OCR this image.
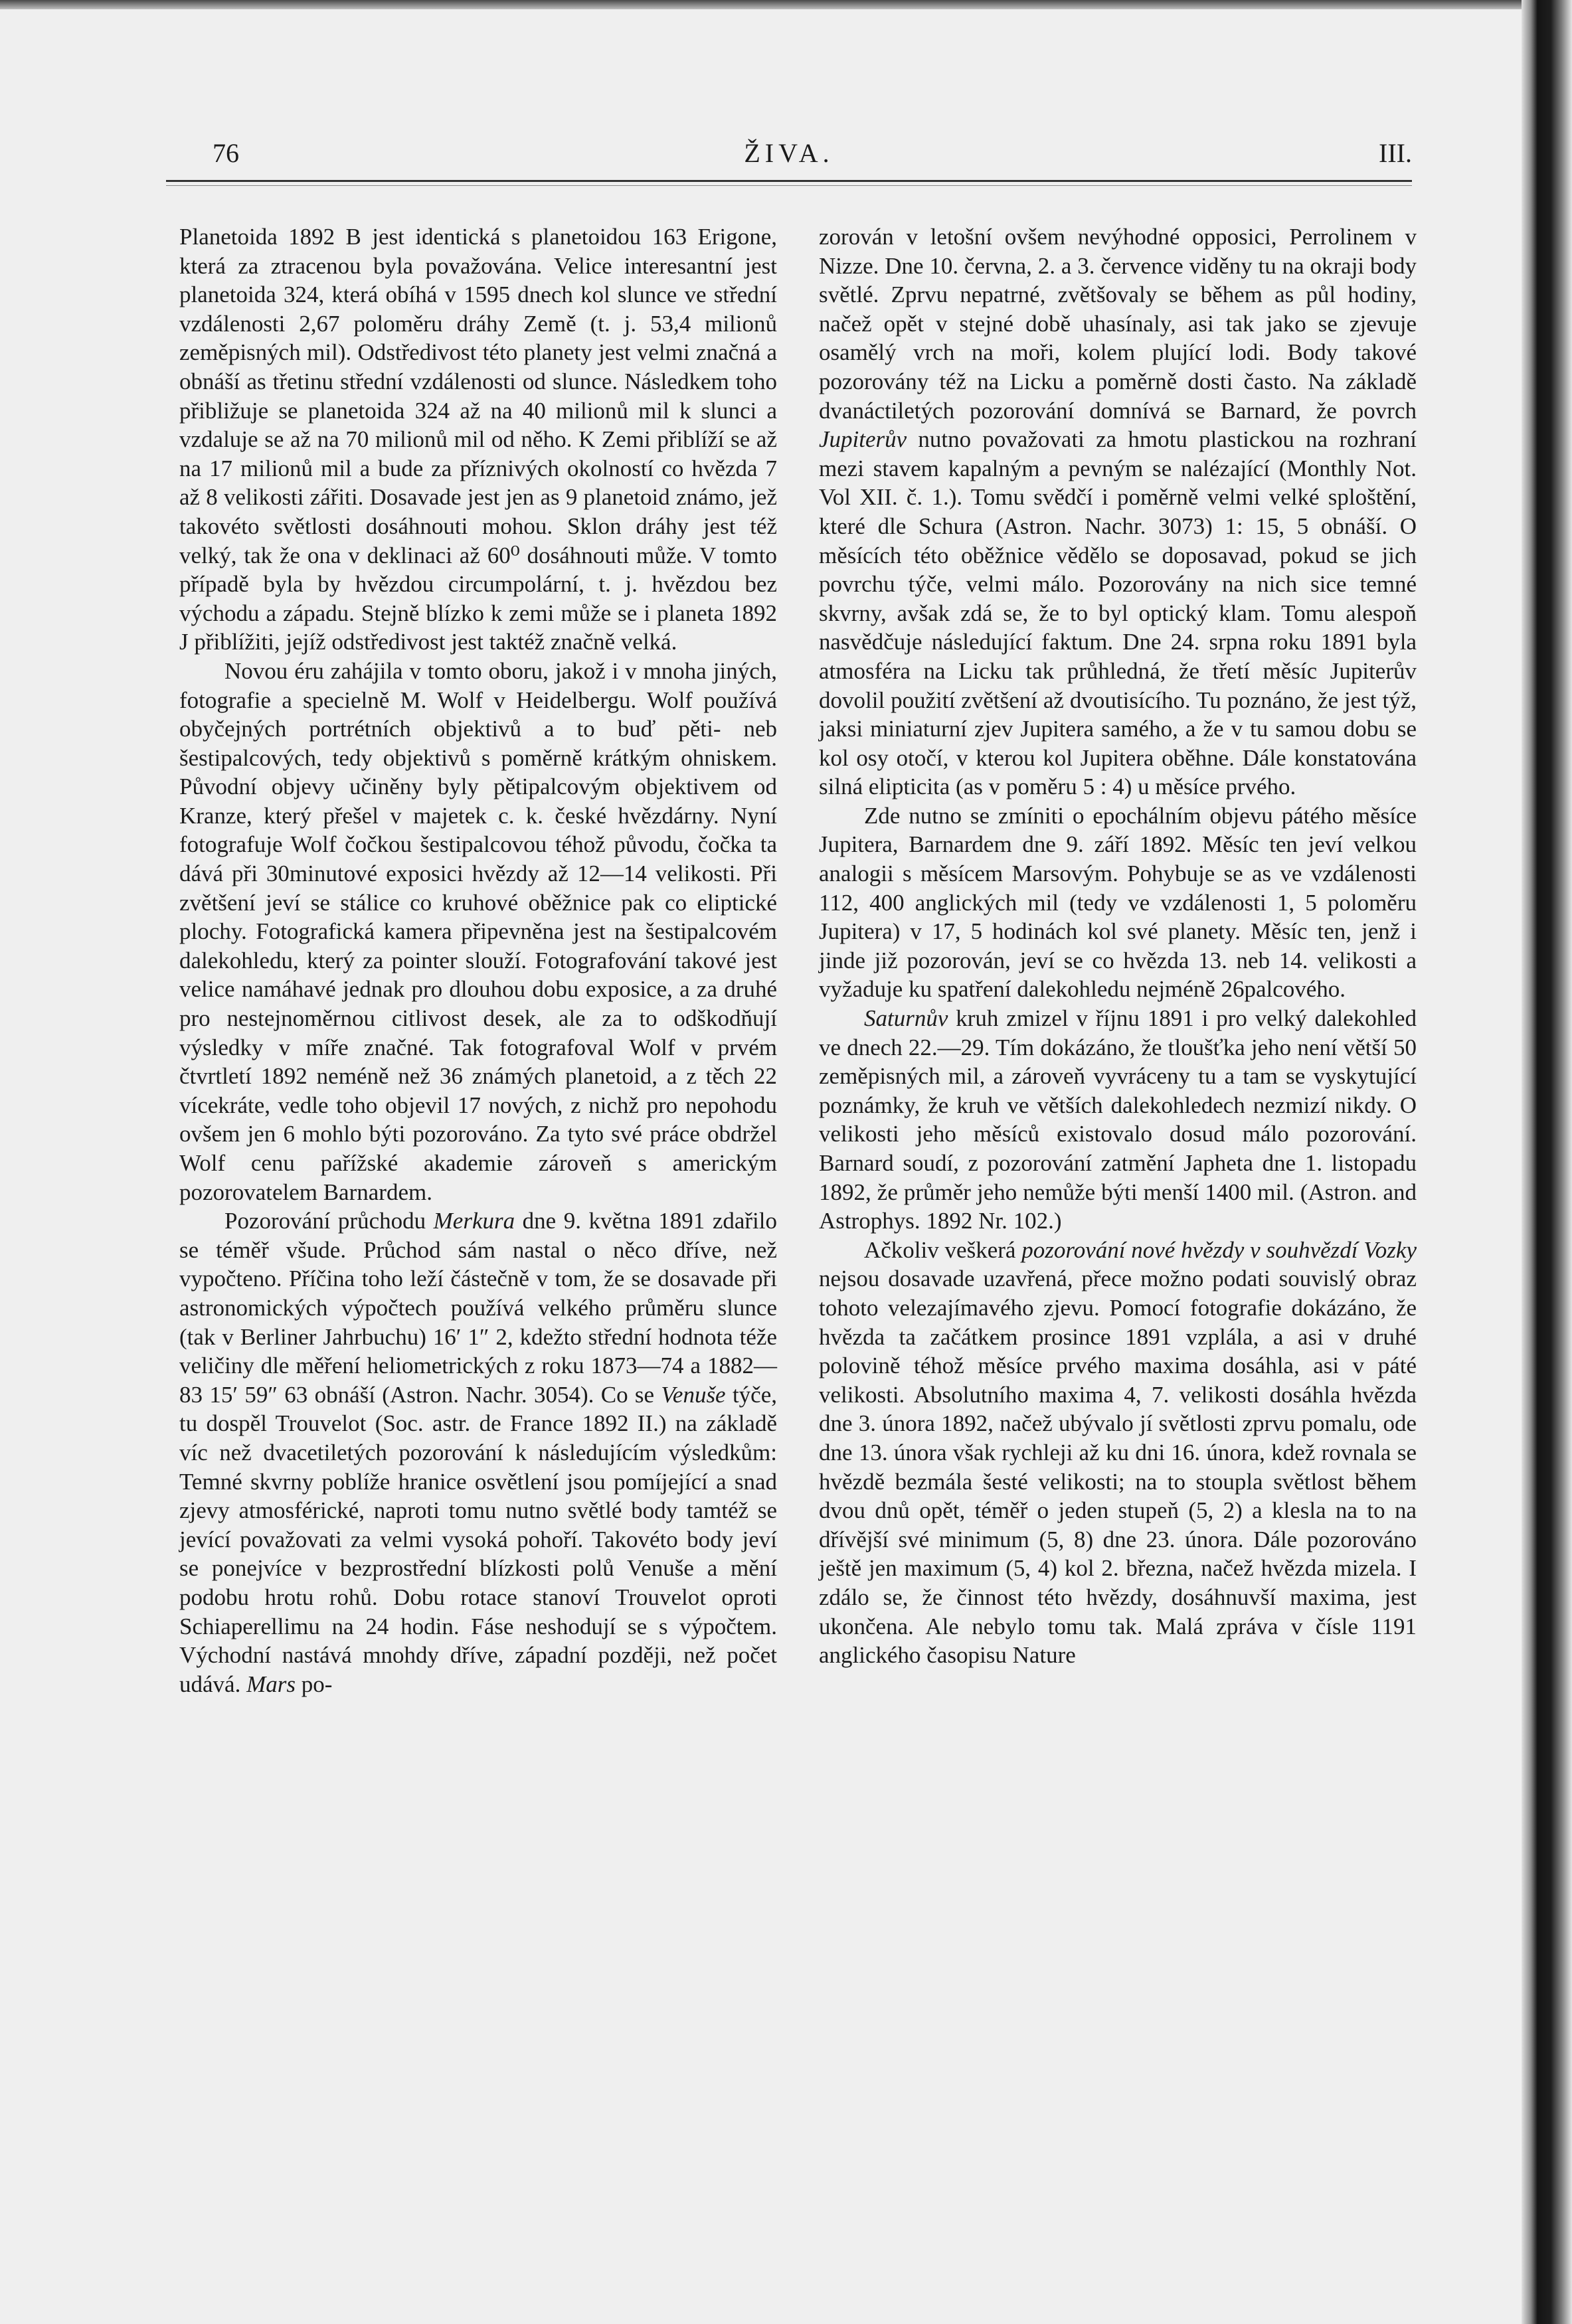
76	ŽIVA.	III.

Planetoida 1892 B jest identická s planetoidou 163 Erigone, která za ztracenou byla považována. Velice interesantní jest planetoida 324, která obíhá v 1595 dnech kol slunce ve střední vzdálenosti 2,67 poloměru dráhy Země (t. j. 53,4 milionů zeměpisných mil). Odstředivost této planety jest velmi značná a obnáší as třetinu střední vzdálenosti od slunce. Následkem toho přibližuje se planetoida 324 až na 40 milionů mil k slunci a vzdaluje se až na 70 milionů mil od něho. K Zemi přiblíží se až na 17 milionů mil a bude za příznivých okolností co hvězda 7 až 8 velikosti zářiti. Dosavade jest jen as 9 planetoid známo, jež takovéto světlosti dosáhnouti mohou. Sklon dráhy jest též velký, tak že ona v deklinaci až 60⁰ dosáhnouti může. V tomto případě byla by hvězdou circumpolární, t. j. hvězdou bez východu a západu. Stejně blízko k zemi může se i planeta 1892 J přiblížiti, jejíž odstředivost jest taktéž značně velká.

Novou éru zahájila v tomto oboru, jakož i v mnoha jiných, fotografie a specielně M. Wolf v Heidelbergu. Wolf používá obyčejných portrétních objektivů a to buď pěti- neb šestipalcových, tedy objektivů s poměrně krátkým ohniskem. Původní objevy učiněny byly pětipalcovým objektivem od Kranze, který přešel v majetek c. k. české hvězdárny. Nyní fotografuje Wolf čočkou šestipalcovou téhož původu, čočka ta dává při 30minutové exposici hvězdy až 12—14 velikosti. Při zvětšení jeví se stálice co kruhové oběžnice pak co eliptické plochy. Fotografická kamera připevněna jest na šestipalcovém dalekohledu, který za pointer slouží. Fotografování takové jest velice namáhavé jednak pro dlouhou dobu exposice, a za druhé pro nestejnoměrnou citlivost desek, ale za to odškodňují výsledky v míře značné. Tak fotografoval Wolf v prvém čtvrtletí 1892 neméně než 36 známých planetoid, a z těch 22 vícekráte, vedle toho objevil 17 nových, z nichž pro nepohodu ovšem jen 6 mohlo býti pozorováno. Za tyto své práce obdržel Wolf cenu pařížské akademie zároveň s americkým pozorovatelem Barnardem.

Pozorování průchodu Merkura dne 9. května 1891 zdařilo se téměř všude. Průchod sám nastal o něco dříve, než vypočteno. Příčina toho leží částečně v tom, že se dosavade při astronomických výpočtech používá velkého průměru slunce (tak v Berliner Jahrbuchu) 16′ 1″ 2, kdežto střední hodnota téže veličiny dle měření heliometrických z roku 1873—74 a 1882—83 15′ 59″ 63 obnáší (Astron. Nachr. 3054). Co se Venuše týče, tu dospěl Trouvelot (Soc. astr. de France 1892 II.) na základě víc než dvacetiletých pozorování k následujícím výsledkům: Temné skvrny poblíže hranice osvětlení jsou pomíjející a snad zjevy atmosférické, naproti tomu nutno světlé body tamtéž se jevící považovati za velmi vysoká pohoří. Takovéto body jeví se ponejvíce v bezprostřední blízkosti polů Venuše a mění podobu hrotu rohů. Dobu rotace stanoví Trouvelot oproti Schiaperellimu na 24 hodin. Fáse neshodují se s výpočtem. Východní nastává mnohdy dříve, západní později, než počet udává. Mars po-

zorován v letošní ovšem nevýhodné opposici, Perrolinem v Nizze. Dne 10. června, 2. a 3. července viděny tu na okraji body světlé. Zprvu nepatrné, zvětšovaly se během as půl hodiny, načež opět v stejné době uhasínaly, asi tak jako se zjevuje osamělý vrch na moři, kolem plující lodi. Body takové pozorovány též na Licku a poměrně dosti často. Na základě dvanáctiletých pozorování domnívá se Barnard, že povrch Jupiterův nutno považovati za hmotu plastickou na rozhraní mezi stavem kapalným a pevným se nalézající (Monthly Not. Vol XII. č. 1.). Tomu svědčí i poměrně velmi velké sploštění, které dle Schura (Astron. Nachr. 3073) 1: 15, 5 obnáší. O měsících této oběžnice vědělo se doposavad, pokud se jich povrchu týče, velmi málo. Pozorovány na nich sice temné skvrny, avšak zdá se, že to byl optický klam. Tomu alespoň nasvědčuje následující faktum. Dne 24. srpna roku 1891 byla atmosféra na Licku tak průhledná, že třetí měsíc Jupiterův dovolil použití zvětšení až dvoutisícího. Tu poznáno, že jest týž, jaksi miniaturní zjev Jupitera samého, a že v tu samou dobu se kol osy otočí, v kterou kol Jupitera oběhne. Dále konstatována silná elipticita (as v poměru 5 : 4) u měsíce prvého.

Zde nutno se zmíniti o epochálním objevu pátého měsíce Jupitera, Barnardem dne 9. září 1892. Měsíc ten jeví velkou analogii s měsícem Marsovým. Pohybuje se as ve vzdálenosti 112, 400 anglických mil (tedy ve vzdálenosti 1, 5 poloměru Jupitera) v 17, 5 hodinách kol své planety. Měsíc ten, jenž i jinde již pozorován, jeví se co hvězda 13. neb 14. velikosti a vyžaduje ku spatření dalekohledu nejméně 26palcového.

Saturnův kruh zmizel v říjnu 1891 i pro velký dalekohled ve dnech 22.—29. Tím dokázáno, že tloušťka jeho není větší 50 zeměpisných mil, a zároveň vyvráceny tu a tam se vyskytující poznámky, že kruh ve větších dalekohledech nezmizí nikdy. O velikosti jeho měsíců existovalo dosud málo pozorování. Barnard soudí, z pozorování zatmění Japheta dne 1. listopadu 1892, že průměr jeho nemůže býti menší 1400 mil. (Astron. and Astrophys. 1892 Nr. 102.)

Ačkoliv veškerá pozorování nové hvězdy v souhvězdí Vozky nejsou dosavade uzavřená, přece možno podati souvislý obraz tohoto velezajímavého zjevu. Pomocí fotografie dokázáno, že hvězda ta začátkem prosince 1891 vzplála, a asi v druhé polovině téhož měsíce prvého maxima dosáhla, asi v páté velikosti. Absolutního maxima 4, 7. velikosti dosáhla hvězda dne 3. února 1892, načež ubývalo jí světlosti zprvu pomalu, ode dne 13. února však rychleji až ku dni 16. února, kdež rovnala se hvězdě bezmála šesté velikosti; na to stoupla světlost během dvou dnů opět, téměř o jeden stupeň (5, 2) a klesla na to na dřívější své minimum (5, 8) dne 23. února. Dále pozorováno ještě jen maximum (5, 4) kol 2. března, načež hvězda mizela. I zdálo se, že činnost této hvězdy, dosáhnuvší maxima, jest ukončena. Ale nebylo tomu tak. Malá zpráva v čísle 1191 anglického časopisu Nature
